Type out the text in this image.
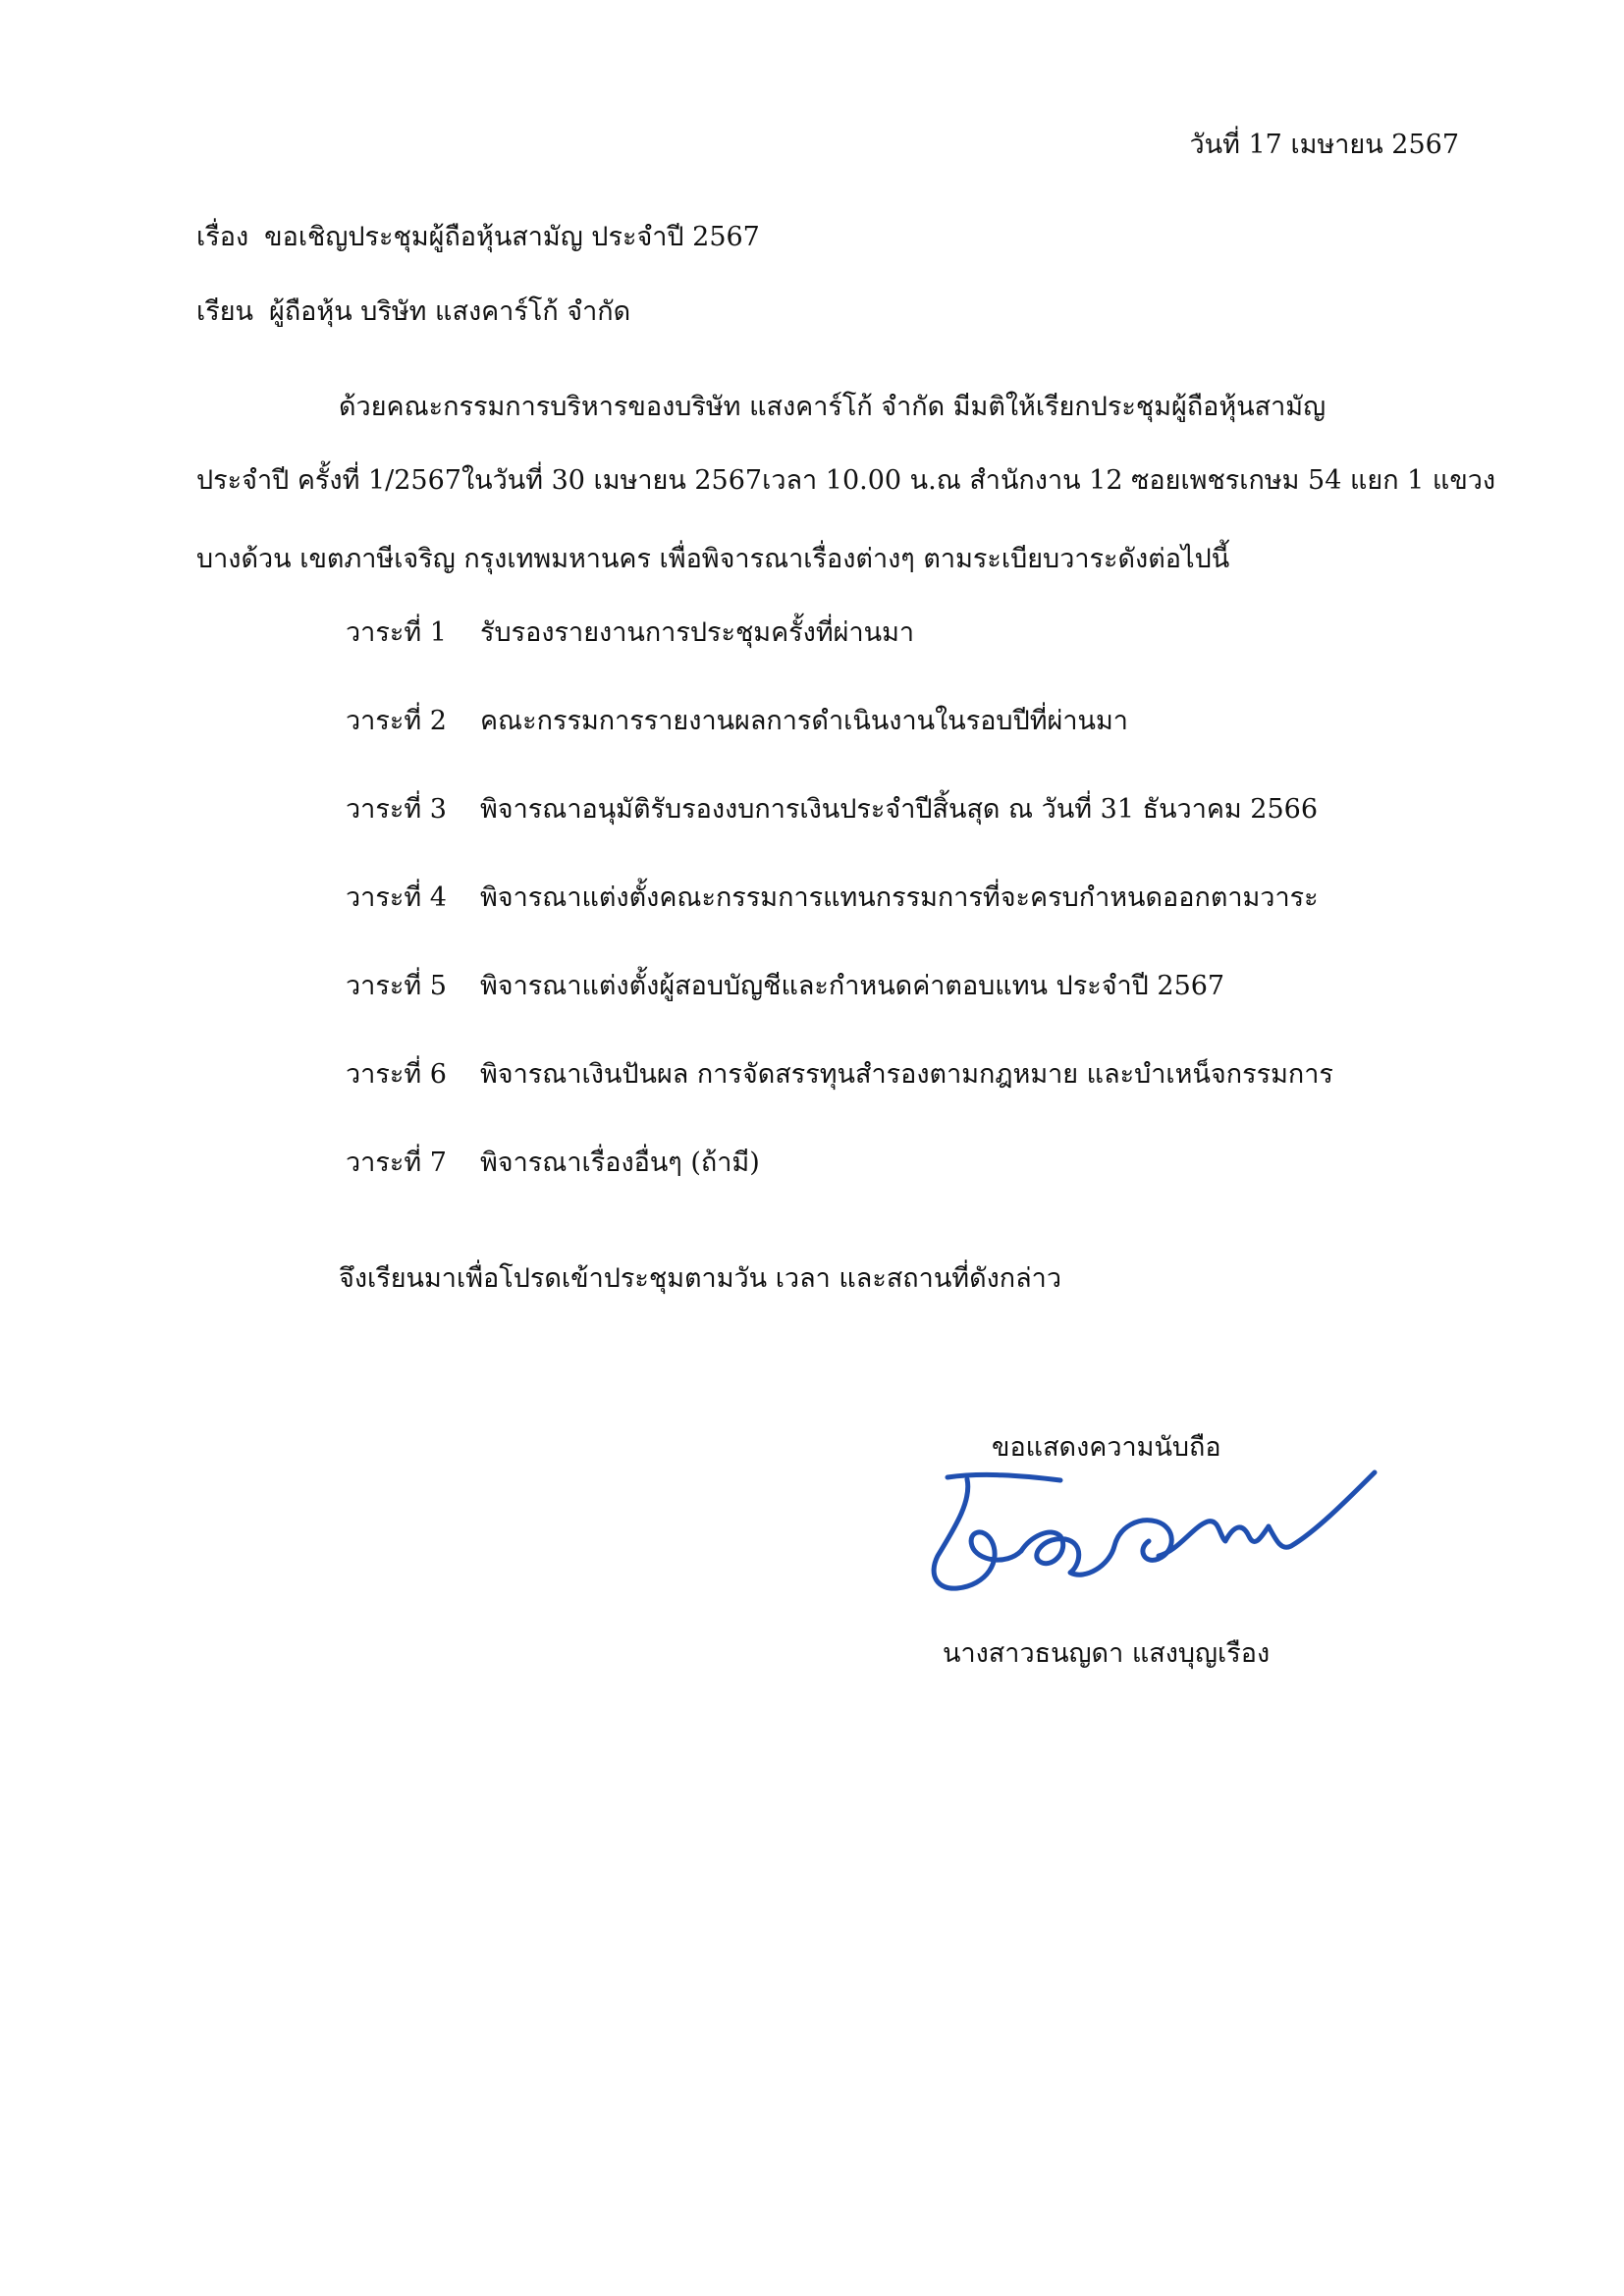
วันที่ 17 เมษายน 2567
เรื่อง ขอเชิญประชุมผู้ถือหุ้นสามัญ ประจำปี 2567
เรียน ผู้ถือหุ้น บริษัท แสงคาร์โก้ จำกัด
ด้วยคณะกรรมการบริหารของบริษัท แสงคาร์โก้ จำกัด มีมติให้เรียกประชุมผู้ถือหุ้นสามัญ
ประจำปี ครั้งที่ 1/2567ในวันที่ 30 เมษายน 2567เวลา 10.00 น.ณ สำนักงาน 12 ซอยเพชรเกษม 54 แยก 1 แขวง
บางด้วน เขตภาษีเจริญ กรุงเทพมหานคร เพื่อพิจารณาเรื่องต่างๆ ตามระเบียบวาระดังต่อไปนี้
วาระที่ 1 รับรองรายงานการประชุมครั้งที่ผ่านมา
วาระที่ 2 คณะกรรมการรายงานผลการดำเนินงานในรอบปีที่ผ่านมา
วาระที่ 3 พิจารณาอนุมัติรับรองงบการเงินประจำปีสิ้นสุด ณ วันที่ 31 ธันวาคม 2566
วาระที่ 4 พิจารณาแต่งตั้งคณะกรรมการแทนกรรมการที่จะครบกำหนดออกตามวาระ
วาระที่ 5 พิจารณาแต่งตั้งผู้สอบบัญชีและกำหนดค่าตอบแทน ประจำปี 2567
วาระที่ 6 พิจารณาเงินปันผล การจัดสรรทุนสำรองตามกฎหมาย และบำเหน็จกรรมการ
วาระที่ 7 พิจารณาเรื่องอื่นๆ (ถ้ามี)
จึงเรียนมาเพื่อโปรดเข้าประชุมตามวัน เวลา และสถานที่ดังกล่าว
ขอแสดงความนับถือ
นางสาวธนญดา แสงบุญเรือง
